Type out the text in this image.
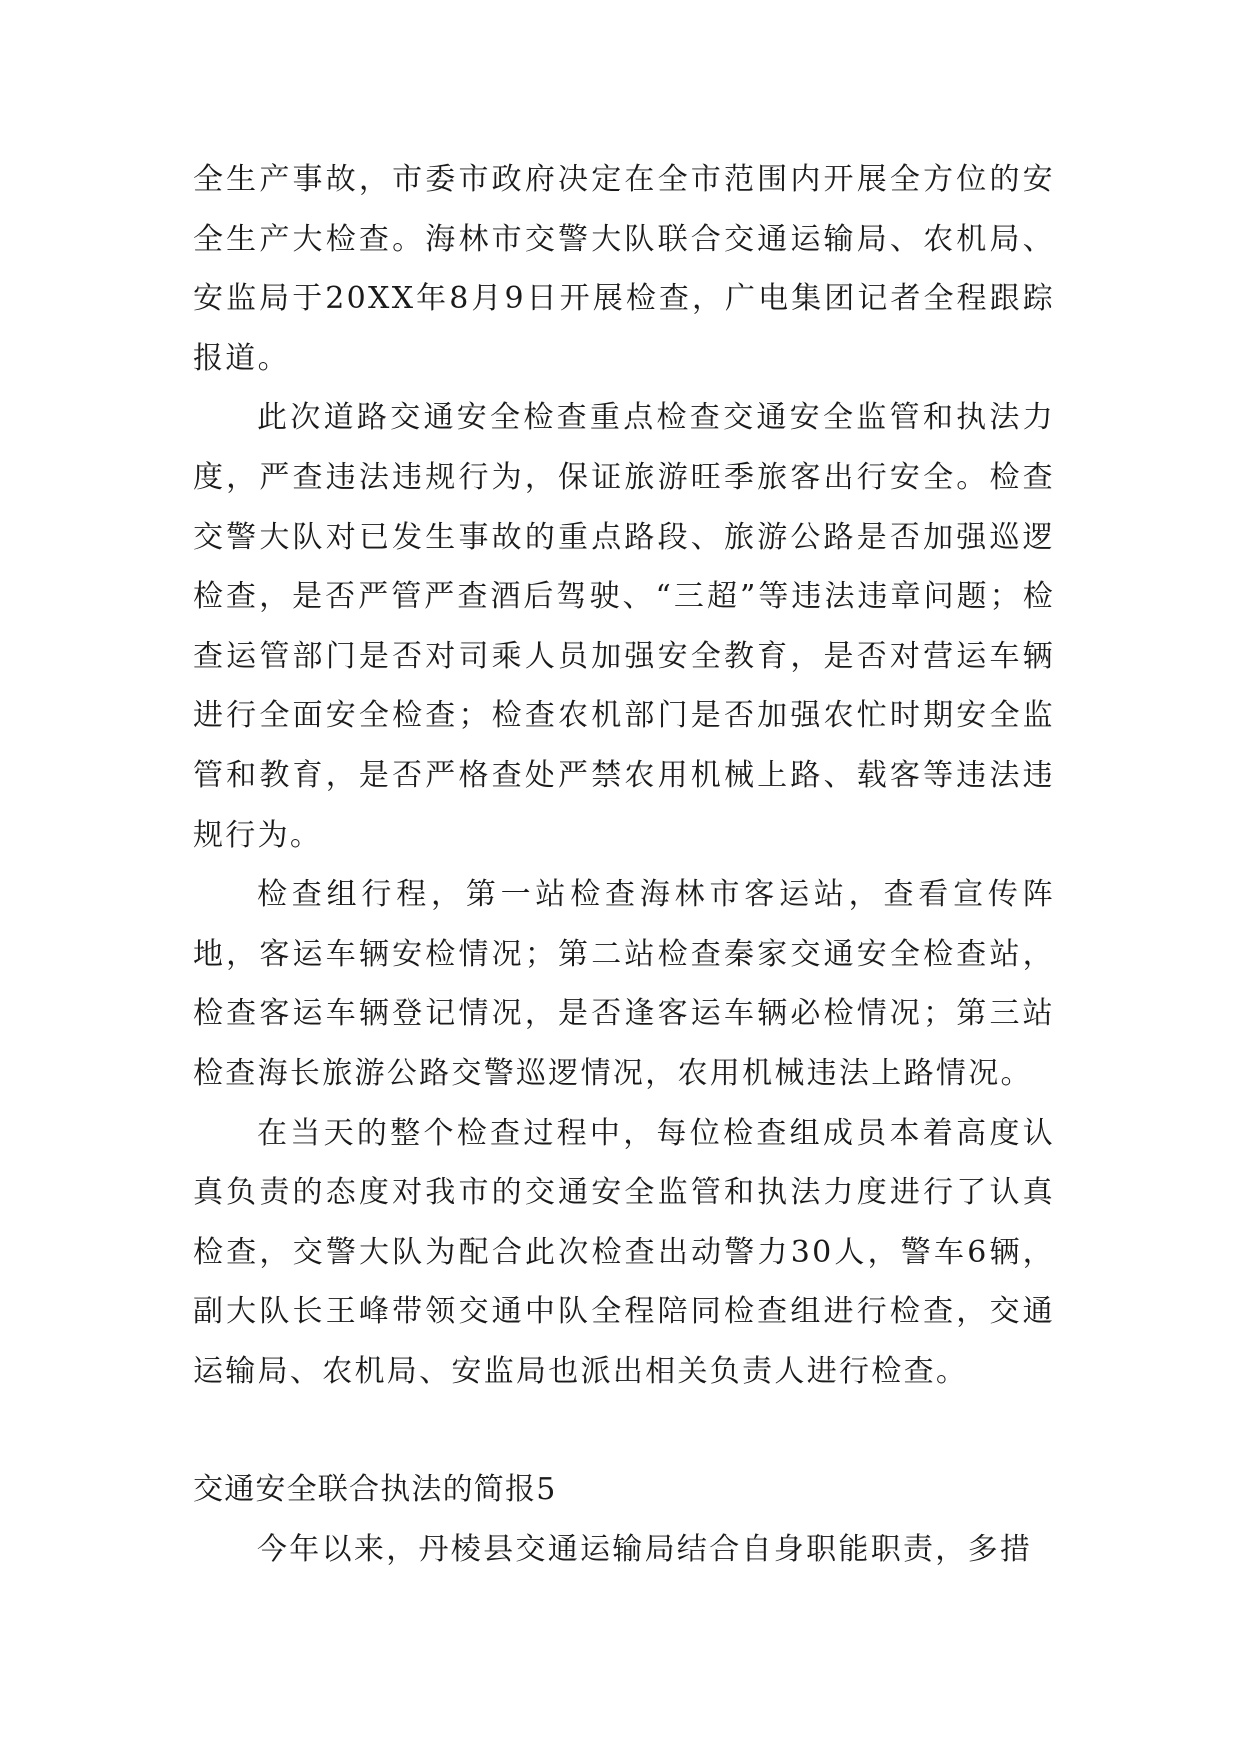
全生产事故，市委市政府决定在全市范围内开展全方位的安全生产大检查。海林市交警大队联合交通运输局、农机局、安监局于20XX年8月9日开展检查，广电集团记者全程跟踪报道。

此次道路交通安全检查重点检查交通安全监管和执法力度，严查违法违规行为，保证旅游旺季旅客出行安全。检查交警大队对已发生事故的重点路段、旅游公路是否加强巡逻检查，是否严管严查酒后驾驶、“三超”等违法违章问题；检查运管部门是否对司乘人员加强安全教育，是否对营运车辆进行全面安全检查；检查农机部门是否加强农忙时期安全监管和教育，是否严格查处严禁农用机械上路、载客等违法违规行为。

检查组行程，第一站检查海林市客运站，查看宣传阵地，客运车辆安检情况；第二站检查秦家交通安全检查站，检查客运车辆登记情况，是否逢客运车辆必检情况；第三站检查海长旅游公路交警巡逻情况，农用机械违法上路情况。

在当天的整个检查过程中，每位检查组成员本着高度认真负责的态度对我市的交通安全监管和执法力度进行了认真检查，交警大队为配合此次检查出动警力30人，警车6辆，副大队长王峰带领交通中队全程陪同检查组进行检查，交通运输局、农机局、安监局也派出相关负责人进行检查。

交通安全联合执法的简报5

今年以来，丹棱县交通运输局结合自身职能职责，多措
